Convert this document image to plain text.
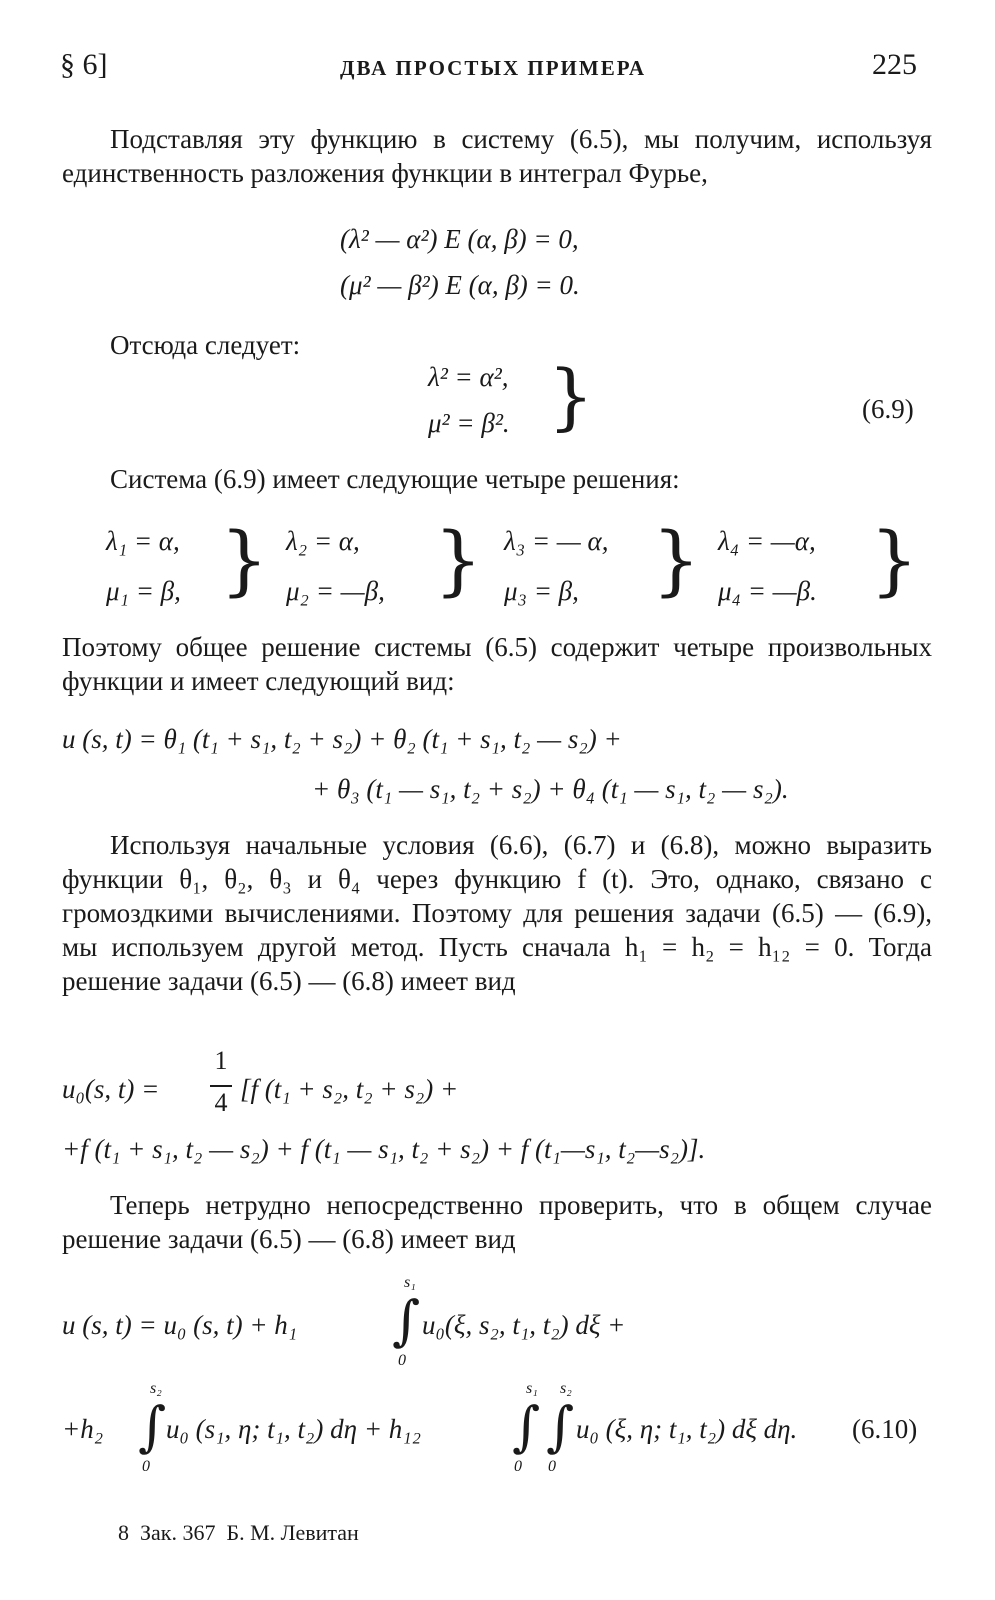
§ 6]	ДВА ПРОСТЫХ ПРИМЕРА	225
Подставляя эту функцию в систему (6.5), мы получим, используя единственность разложения функции в интеграл Фурье,
(λ² — α²) E (α, β) = 0,
(μ² — β²) E (α, β) = 0.
Отсюда следует:
λ² = α²,
μ² = β². }	(6.9)
Система (6.9) имеет следующие четыре решения:
λ₁ = α,
μ₁ = β, } λ₂ = α,
μ₂ = —β, } λ₃ = — α,
μ₃ = β, } λ₄ = —α,
μ₄ = —β. }
Поэтому общее решение системы (6.5) содержит четыре произвольных функции и имеет следующий вид:
u (s, t) = θ₁ (t₁ + s₁, t₂ + s₂) + θ₂ (t₁ + s₁, t₂ — s₂) +
+ θ₃ (t₁ — s₁, t₂ + s₂) + θ₄ (t₁ — s₁, t₂ — s₂).
Используя начальные условия (6.6), (6.7) и (6.8), можно выразить функции θ₁, θ₂, θ₃ и θ₄ через функцию f (t). Это, однако, связано с громоздкими вычислениями. Поэтому для решения задачи (6.5) — (6.9), мы используем другой метод. Пусть сначала h₁ = h₂ = h₁₂ = 0. Тогда решение задачи (6.5) — (6.8) имеет вид
u₀(s, t) =
1
4 [f (t₁ + s₂, t₂ + s₂) +
+f (t₁ + s₁, t₂ — s₂) + f (t₁ — s₁, t₂ + s₂) + f (t₁—s₁, t₂—s₂)].
Теперь нетрудно непосредственно проверить, что в общем случае решение задачи (6.5) — (6.8) имеет вид
u (s, t) = u₀ (s, t) + h₁
s₁
∫
0
u₀(ξ, s₂, t₁, t₂) dξ +
+h₂
s₂
∫
0
u₀ (s₁, η; t₁, t₂) dη + h₁₂
s₁
∫
0
s₂
∫
0
u₀ (ξ, η; t₁, t₂) dξ dη. (6.10)
8  Зак. 367  Б. М. Левитан
